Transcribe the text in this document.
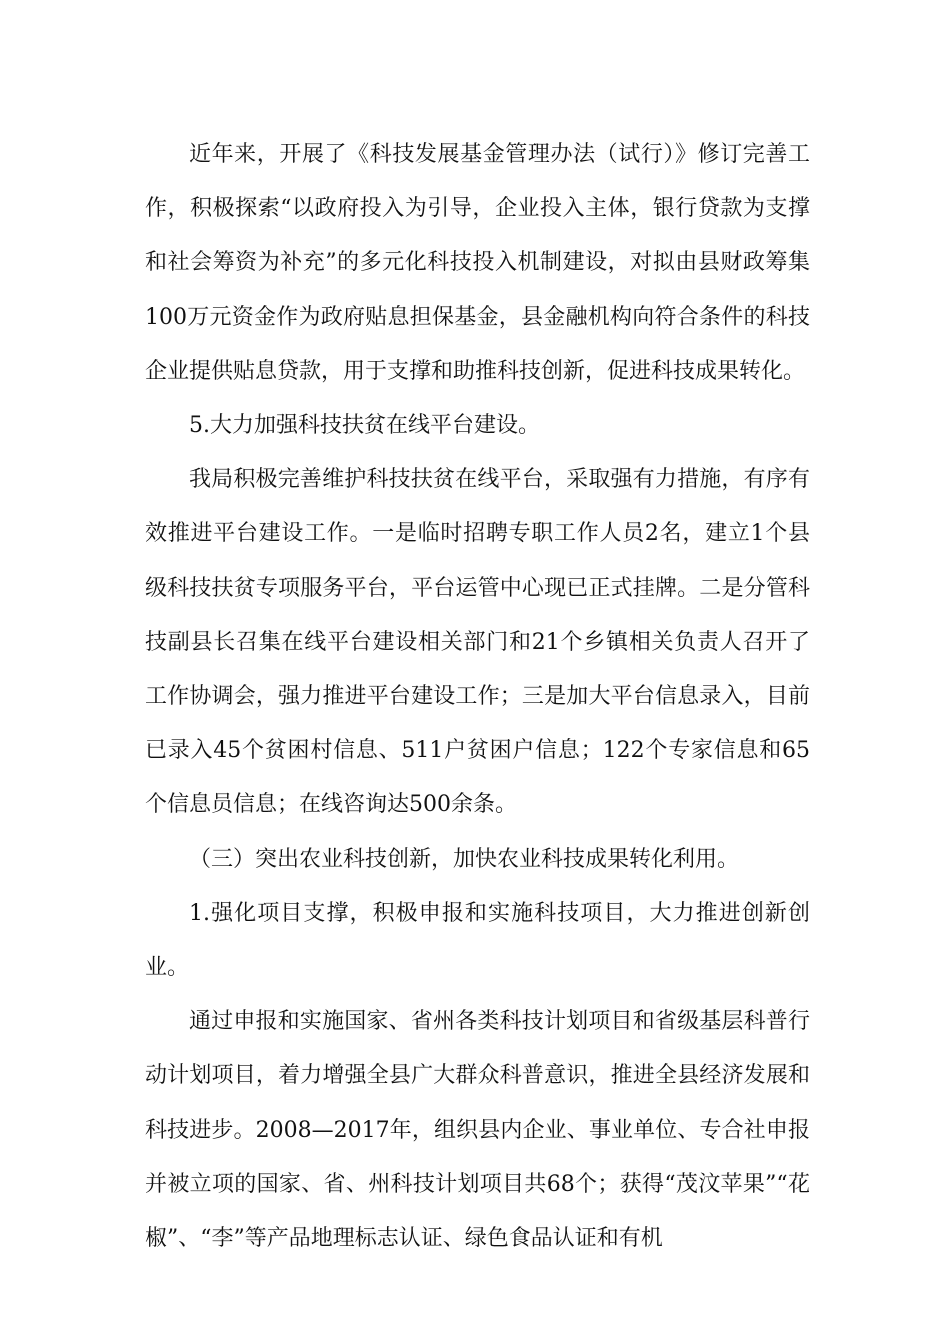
近年来，开展了《科技发展基金管理办法（试行）》修订完善工作，积极探索“以政府投入为引导，企业投入主体，银行贷款为支撑和社会筹资为补充”的多元化科技投入机制建设，对拟由县财政筹集100万元资金作为政府贴息担保基金，县金融机构向符合条件的科技企业提供贴息贷款，用于支撑和助推科技创新，促进科技成果转化。

5.大力加强科技扶贫在线平台建设。

我局积极完善维护科技扶贫在线平台，采取强有力措施，有序有效推进平台建设工作。一是临时招聘专职工作人员2名，建立1个县级科技扶贫专项服务平台，平台运管中心现已正式挂牌。二是分管科技副县长召集在线平台建设相关部门和21个乡镇相关负责人召开了工作协调会，强力推进平台建设工作；三是加大平台信息录入，目前已录入45个贫困村信息、511户贫困户信息；122个专家信息和65个信息员信息；在线咨询达500余条。

（三）突出农业科技创新，加快农业科技成果转化利用。

1.强化项目支撑，积极申报和实施科技项目，大力推进创新创业。

通过申报和实施国家、省州各类科技计划项目和省级基层科普行动计划项目，着力增强全县广大群众科普意识，推进全县经济发展和科技进步。2008—2017年，组织县内企业、事业单位、专合社申报并被立项的国家、省、州科技计划项目共68个；获得“茂汶苹果”“花椒”、“李”等产品地理标志认证、绿色食品认证和有机
